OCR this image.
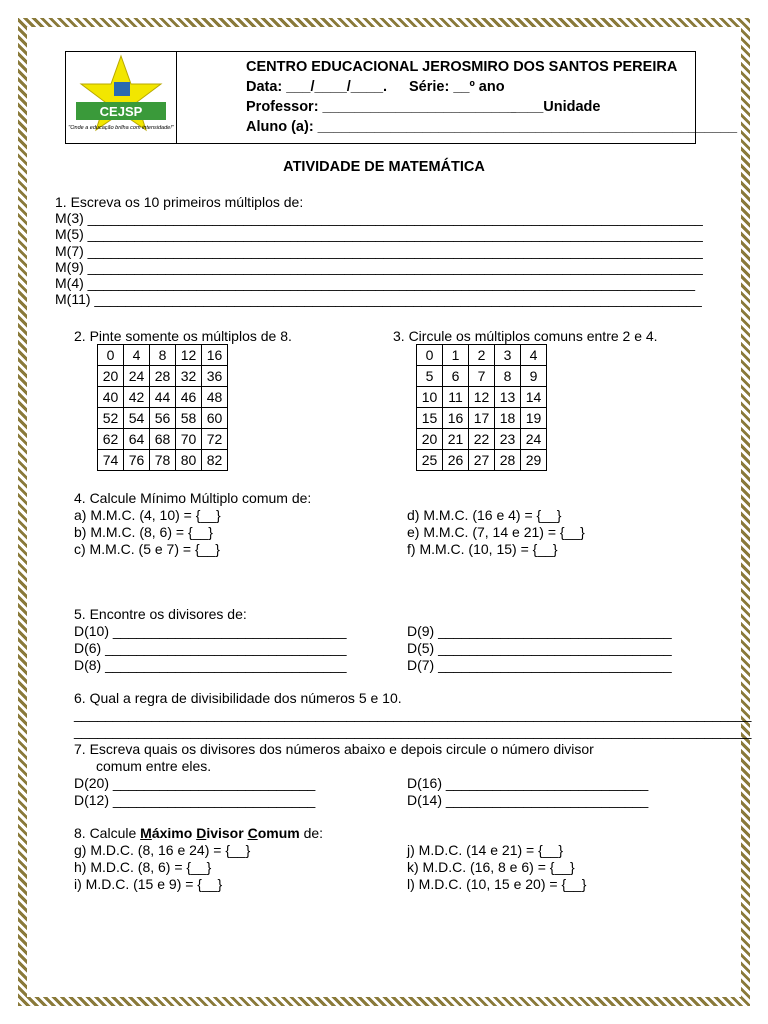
CEJSP
"Onde a educação brilha com intensidade!"
CENTRO EDUCACIONAL JEROSMIRO DOS SANTOS PEREIRA
Data: ___/____/____. Série: __º ano
Professor: ________________________
____Unidade
Aluno (a): ____________________________________________________
ATIVIDADE DE MATEMÁTICA
1. Escreva os 10 primeiros múltiplos de:
M(3) _______________________________________________________________________________
M(5) _______________________________________________________________________________
M(7) _______________________________________________________________________________
M(9) _______________________________________________________________________________
M(4) ______________________________________________________________________________
M(11) ______________________________________________________________________________
2. Pinte somente os múltiplos de 8.	3. Circule os múltiplos comuns entre 2 e 4.
0	4	8	12	16
20	24	28	32	36
40	42	44	46	48
52	54	56	58	60
62	64	68	70	72
74	76	78	80	82
0	1	2	3	4
5	6	7	8	9
10	11	12	13	14
15	16	17	18	19
20	21	22	23	24
25	26	27	28	29
4. Calcule Mínimo Múltiplo comum de:
a) M.M.C. (4, 10) = {__}
b) M.M.C. (8, 6) = {__}
c) M.M.C. (5 e 7) = {__}
d) M.M.C. (16 e 4) = {__}
e) M.M.C. (7, 14 e 21) = {__}
f) M.M.C. (10, 15) = {__}
5. Encontre os divisores de:
D(10) ______________________________
D(6) _______________________________
D(8) _______________________________
D(9) ______________________________
D(5) ______________________________
D(7) ______________________________
6. Qual a regra de divisibilidade dos números 5 e 10.
_______________________________________________________________________________________
_______________________________________________________________________________________
7. Escreva quais os divisores dos números abaixo e depois circule o número divisor
comum entre eles.
D(20) __________________________
D(12) __________________________
D(16) __________________________
D(14) __________________________
8. Calcule Máximo Divisor Comum de:
g) M.D.C. (8, 16 e 24) = {__}
h) M.D.C. (8, 6) = {__}
i) M.D.C. (15 e 9) = {__}
j) M.D.C. (14 e 21) = {__}
k) M.D.C. (16, 8 e 6) = {__}
l) M.D.C. (10, 15 e 20) = {__}
